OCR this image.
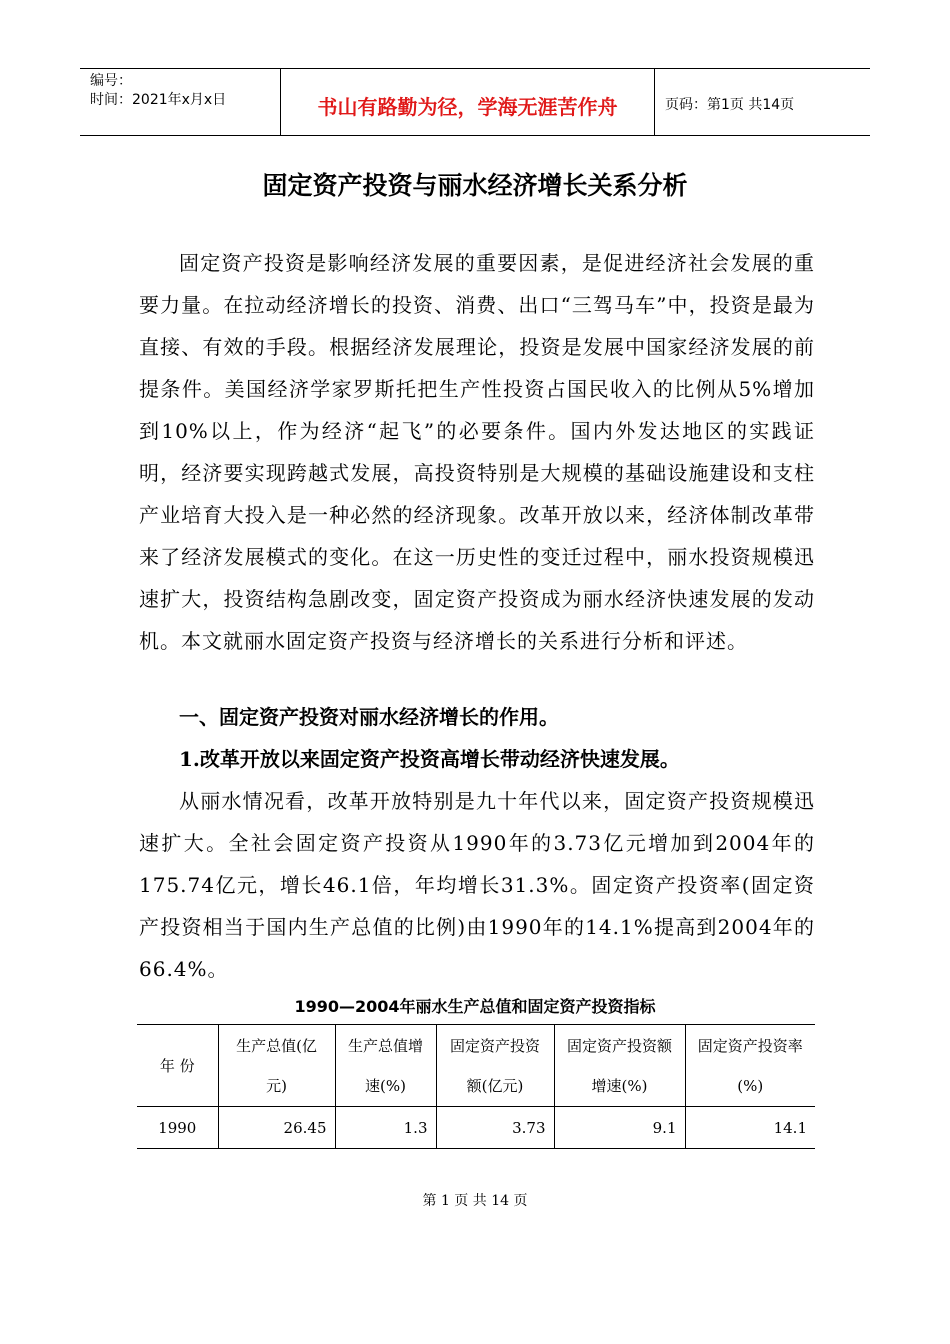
编号：
时间：2021年x月x日	书山有路勤为径，学海无涯苦作舟	页码：第1页 共14页
固定资产投资与丽水经济增长关系分析

固定资产投资是影响经济发展的重要因素，是促进经济社会发展的重要力量。在拉动经济增长的投资、消费、出口“三驾马车”中，投资是最为直接、有效的手段。根据经济发展理论，投资是发展中国家经济发展的前提条件。美国经济学家罗斯托把生产性投资占国民收入的比例从5%增加到10%以上，作为经济“起飞”的必要条件。国内外发达地区的实践证明，经济要实现跨越式发展，高投资特别是大规模的基础设施建设和支柱产业培育大投入是一种必然的经济现象。改革开放以来，经济体制改革带来了经济发展模式的变化。在这一历史性的变迁过程中，丽水投资规模迅速扩大，投资结构急剧改变，固定资产投资成为丽水经济快速发展的发动机。本文就丽水固定资产投资与经济增长的关系进行分析和评述。

一、固定资产投资对丽水经济增长的作用。

1.改革开放以来固定资产投资高增长带动经济快速发展。

从丽水情况看，改革开放特别是九十年代以来，固定资产投资规模迅速扩大。全社会固定资产投资从1990年的3.73亿元增加到2004年的175.74亿元，增长46.1倍，年均增长31.3%。固定资产投资率(固定资产投资相当于国内生产总值的比例)由1990年的14.1%提高到2004年的66.4%。

1990—2004年丽水生产总值和固定资产投资指标

年 份	生产总值(亿元)	生产总值增速(%)	固定资产投资额(亿元)	固定资产投资额增速(%)	固定资产投资率(%)
1990	26.45	1.3	3.73	9.1	14.1

第 1 页 共 14 页
